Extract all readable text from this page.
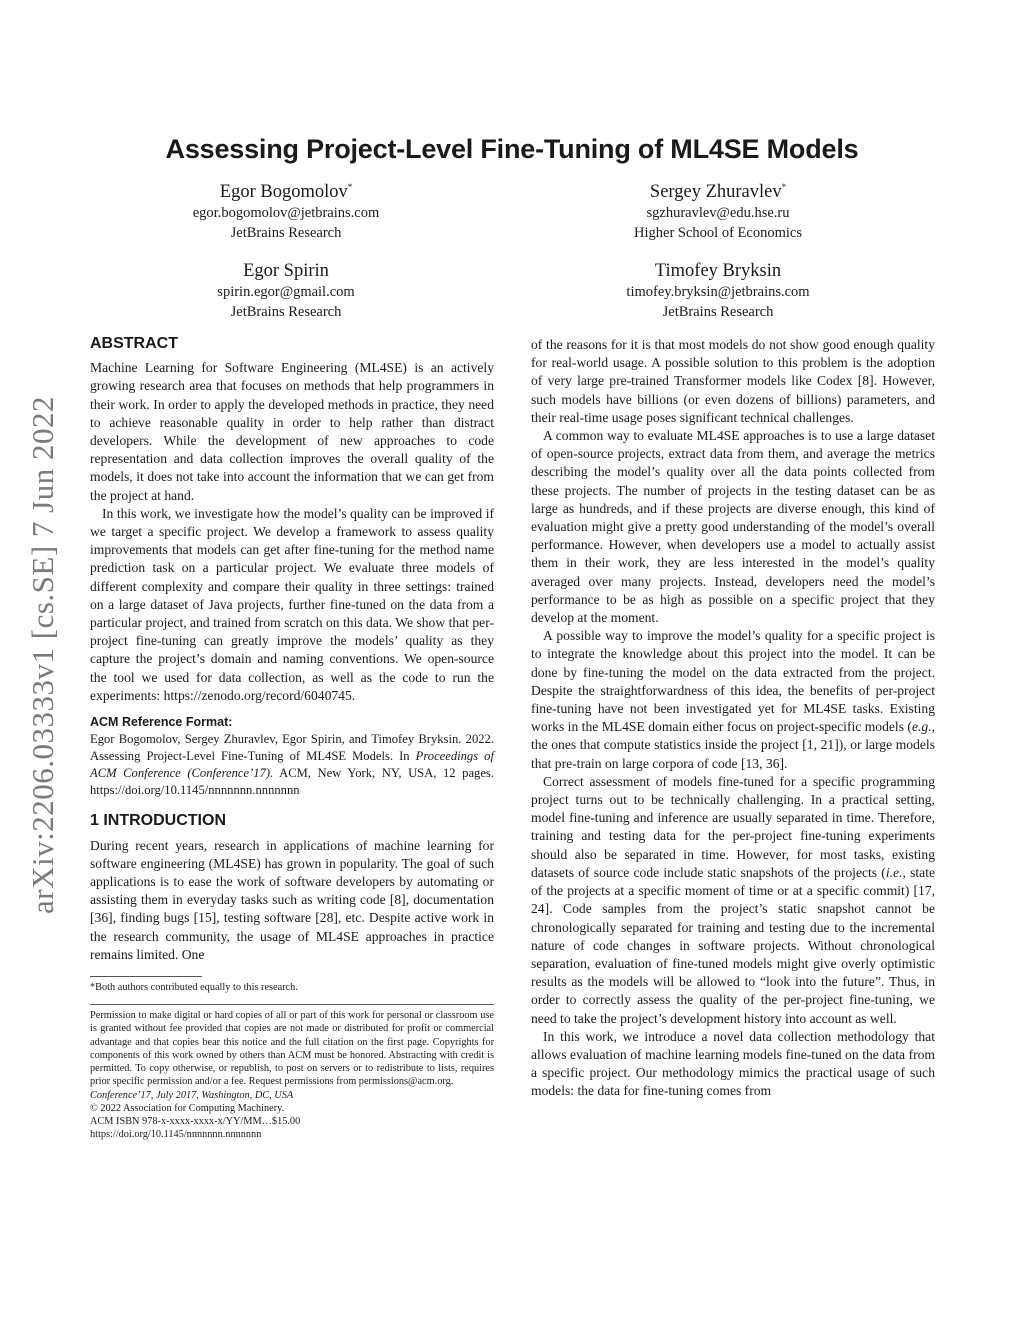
arXiv:2206.03333v1 [cs.SE] 7 Jun 2022
Assessing Project-Level Fine-Tuning of ML4SE Models
Egor Bogomolov*
egor.bogomolov@jetbrains.com
JetBrains Research
Sergey Zhuravlev*
sgzhuravlev@edu.hse.ru
Higher School of Economics
Egor Spirin
spirin.egor@gmail.com
JetBrains Research
Timofey Bryksin
timofey.bryksin@jetbrains.com
JetBrains Research
ABSTRACT

Machine Learning for Software Engineering (ML4SE) is an actively growing research area that focuses on methods that help programmers in their work. In order to apply the developed methods in practice, they need to achieve reasonable quality in order to help rather than distract developers. While the development of new approaches to code representation and data collection improves the overall quality of the models, it does not take into account the information that we can get from the project at hand.

In this work, we investigate how the model’s quality can be improved if we target a specific project. We develop a framework to assess quality improvements that models can get after fine-tuning for the method name prediction task on a particular project. We evaluate three models of different complexity and compare their quality in three settings: trained on a large dataset of Java projects, further fine-tuned on the data from a particular project, and trained from scratch on this data. We show that per-project fine-tuning can greatly improve the models’ quality as they capture the project’s domain and naming conventions. We open-source the tool we used for data collection, as well as the code to run the experiments: https://zenodo.org/record/6040745.

ACM Reference Format:

Egor Bogomolov, Sergey Zhuravlev, Egor Spirin, and Timofey Bryksin. 2022. Assessing Project-Level Fine-Tuning of ML4SE Models. In Proceedings of ACM Conference (Conference’17). ACM, New York, NY, USA, 12 pages. https://doi.org/10.1145/nnnnnnn.nnnnnnn

1 INTRODUCTION

During recent years, research in applications of machine learning for software engineering (ML4SE) has grown in popularity. The goal of such applications is to ease the work of software developers by automating or assisting them in everyday tasks such as writing code [8], documentation [36], finding bugs [15], testing software [28], etc. Despite active work in the research community, the usage of ML4SE approaches in practice remains limited. One

*Both authors contributed equally to this research.

Permission to make digital or hard copies of all or part of this work for personal or classroom use is granted without fee provided that copies are not made or distributed for profit or commercial advantage and that copies bear this notice and the full citation on the first page. Copyrights for components of this work owned by others than ACM must be honored. Abstracting with credit is permitted. To copy otherwise, or republish, to post on servers or to redistribute to lists, requires prior specific permission and/or a fee. Request permissions from permissions@acm.org.

Conference’17, July 2017, Washington, DC, USA
© 2022 Association for Computing Machinery.
ACM ISBN 978-x-xxxx-xxxx-x/YY/MM…$15.00
https://doi.org/10.1145/nnnnnnn.nnnnnnn

of the reasons for it is that most models do not show good enough quality for real-world usage. A possible solution to this problem is the adoption of very large pre-trained Transformer models like Codex [8]. However, such models have billions (or even dozens of billions) parameters, and their real-time usage poses significant technical challenges.

A common way to evaluate ML4SE approaches is to use a large dataset of open-source projects, extract data from them, and average the metrics describing the model’s quality over all the data points collected from these projects. The number of projects in the testing dataset can be as large as hundreds, and if these projects are diverse enough, this kind of evaluation might give a pretty good understanding of the model’s overall performance. However, when developers use a model to actually assist them in their work, they are less interested in the model’s quality averaged over many projects. Instead, developers need the model’s performance to be as high as possible on a specific project that they develop at the moment.

A possible way to improve the model’s quality for a specific project is to integrate the knowledge about this project into the model. It can be done by fine-tuning the model on the data extracted from the project. Despite the straightforwardness of this idea, the benefits of per-project fine-tuning have not been investigated yet for ML4SE tasks. Existing works in the ML4SE domain either focus on project-specific models (e.g., the ones that compute statistics inside the project [1, 21]), or large models that pre-train on large corpora of code [13, 36].

Correct assessment of models fine-tuned for a specific programming project turns out to be technically challenging. In a practical setting, model fine-tuning and inference are usually separated in time. Therefore, training and testing data for the per-project fine-tuning experiments should also be separated in time. However, for most tasks, existing datasets of source code include static snapshots of the projects (i.e., state of the projects at a specific moment of time or at a specific commit) [17, 24]. Code samples from the project’s static snapshot cannot be chronologically separated for training and testing due to the incremental nature of code changes in software projects. Without chronological separation, evaluation of fine-tuned models might give overly optimistic results as the models will be allowed to “look into the future”. Thus, in order to correctly assess the quality of the per-project fine-tuning, we need to take the project’s development history into account as well.

In this work, we introduce a novel data collection methodology that allows evaluation of machine learning models fine-tuned on the data from a specific project. Our methodology mimics the practical usage of such models: the data for fine-tuning comes from
